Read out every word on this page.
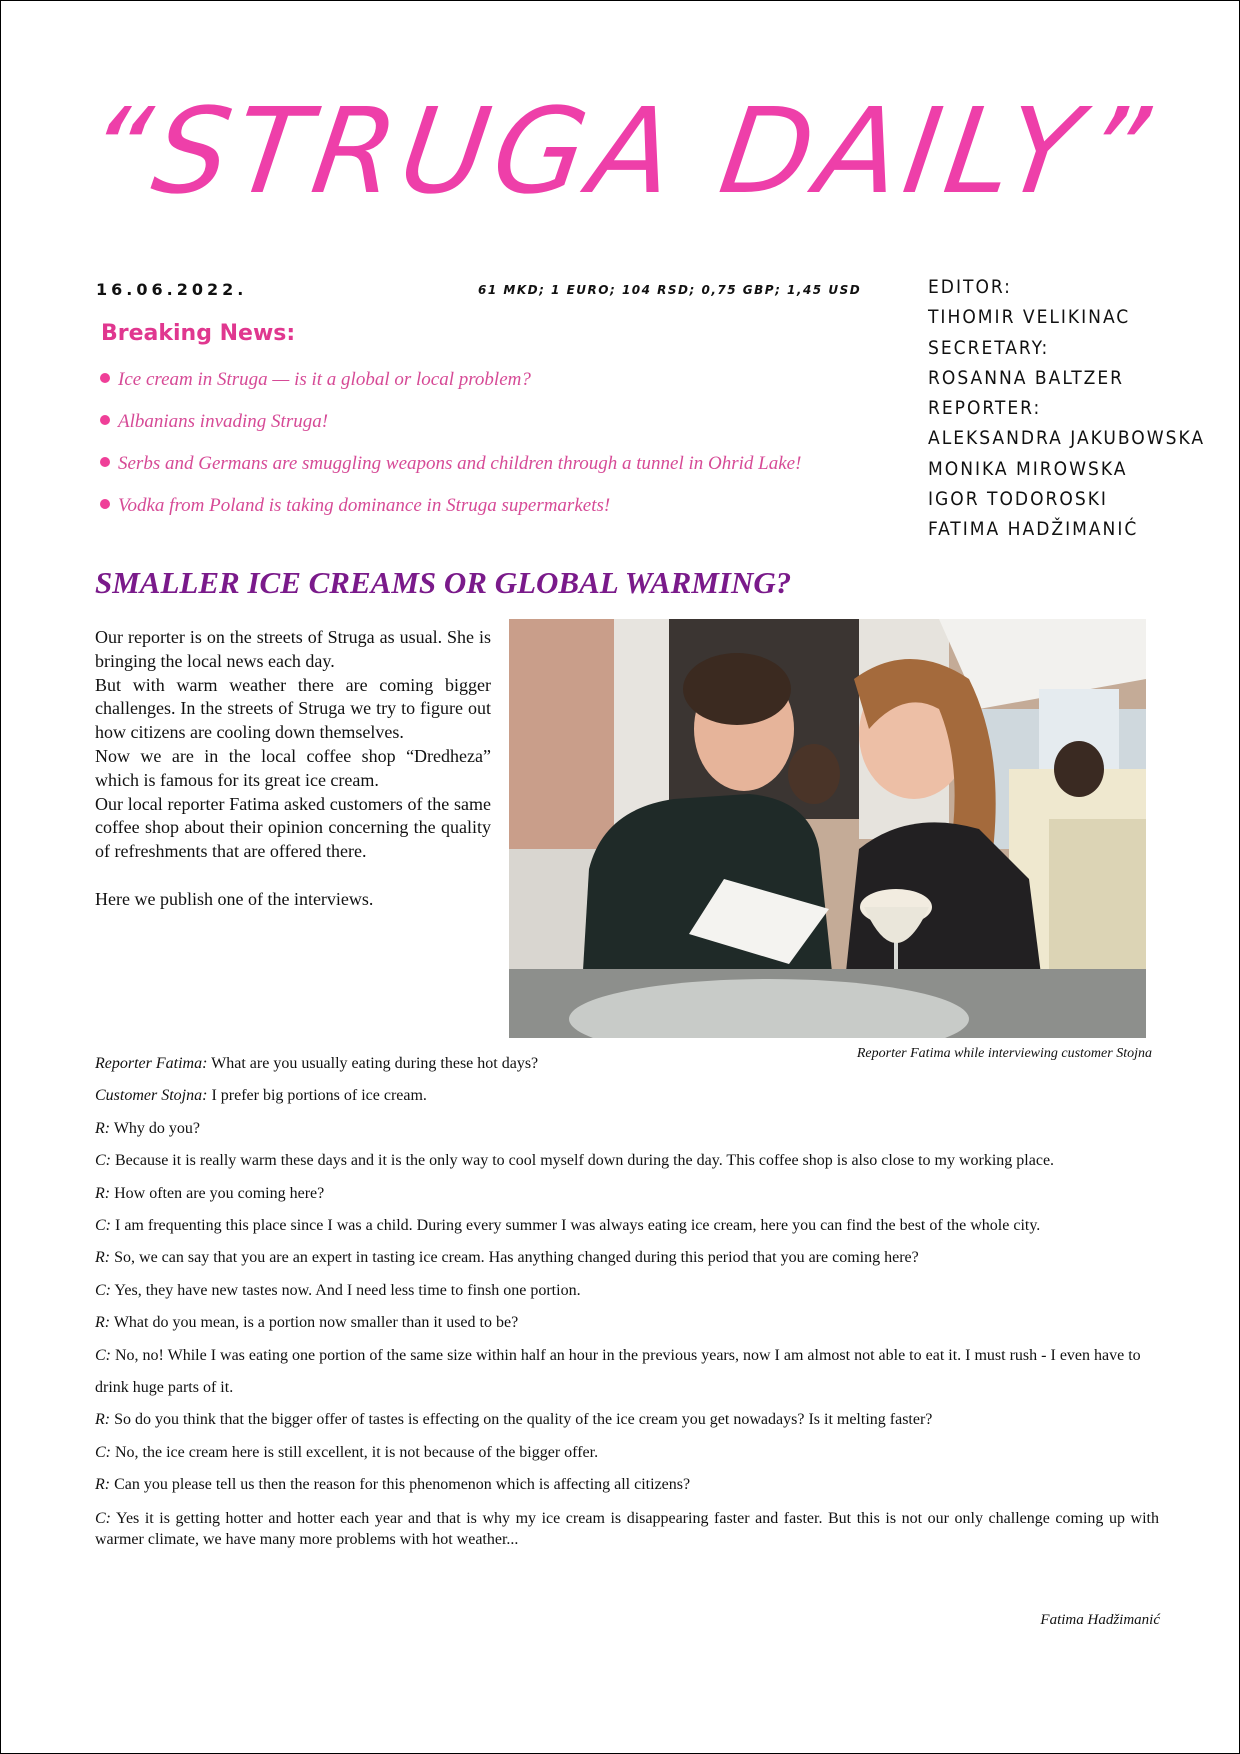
“STRUGA DAILY”
16.06.2022.	61 MKD; 1 EURO; 104 RSD; 0,75 GBP; 1,45 USD	EDITOR:
TIHOMIR VELIKINAC
SECRETARY:
ROSANNA BALTZER
REPORTER:
ALEKSANDRA JAKUBOWSKA
MONIKA MIROWSKA
IGOR TODOROSKI
FATIMA HADŽIMANIĆ
Breaking News:
Ice cream in Struga — is it a global or local problem?
Albanians invading Struga!
Serbs and Germans are smuggling weapons and children through a tunnel in Ohrid Lake!
Vodka from Poland is taking dominance in Struga supermarkets!
SMALLER ICE CREAMS OR GLOBAL WARMING?

Our reporter is on the streets of Struga as usual. She is bringing the local news each day.

But with warm weather there are coming bigger challenges. In the streets of Struga we try to figure out how citizens are cooling down themselves.

Now we are in the local coffee shop “Dredheza” which is famous for its great ice cream.

Our local reporter Fatima asked customers of the same coffee shop about their opinion concerning the quality of refreshments that are offered there.

Here we publish one of the interviews.

Reporter Fatima while interviewing customer Stojna
Reporter Fatima: What are you usually eating during these hot days?
Customer Stojna: I prefer big portions of ice cream.
R: Why do you?
C: Because it is really warm these days and it is the only way to cool myself down during the day. This coffee shop is also close to my working place.
R: How often are you coming here?
C: I am frequenting this place since I was a child. During every summer I was always eating ice cream, here you can find the best of the whole city.
R: So, we can say that you are an expert in tasting ice cream. Has anything changed during this period that you are coming here?
C: Yes, they have new tastes now. And I need less time to finsh one portion.
R: What do you mean, is a portion now smaller than it used to be?
C: No, no! While I was eating one portion of the same size within half an hour in the previous years, now I am almost not able to eat it. I must rush - I even have to drink huge parts of it.
R: So do you think that the bigger offer of tastes is effecting on the quality of the ice cream you get nowadays? Is it melting faster?
C: No, the ice cream here is still excellent, it is not because of the bigger offer.
R: Can you please tell us then the reason for this phenomenon which is affecting all citizens?
C: Yes it is getting hotter and hotter each year and that is why my ice cream is disappearing faster and faster. But this is not our only challenge coming up with warmer climate, we have many more problems with hot weather...
Fatima Hadžimanić
